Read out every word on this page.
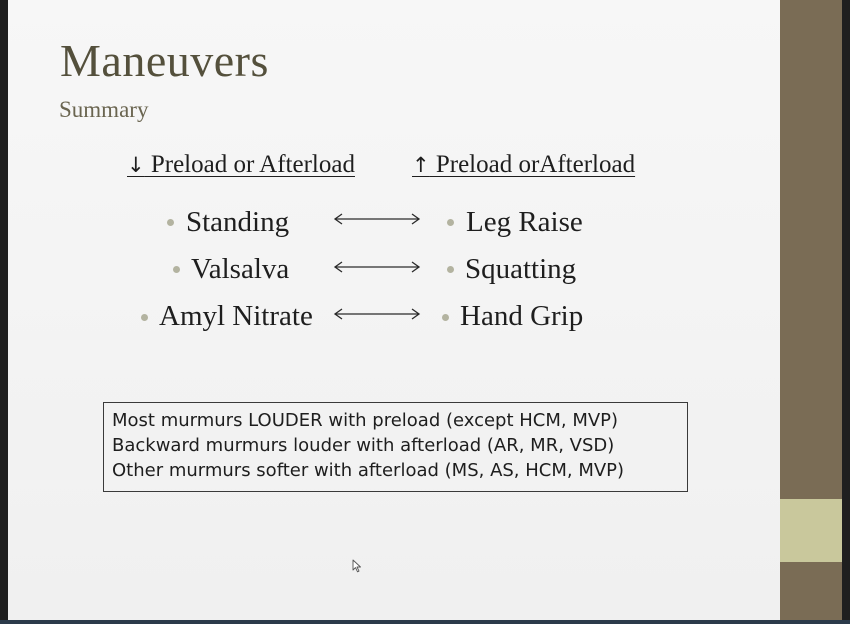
Maneuvers
Summary
↓ Preload or Afterload	↑ Preload orAfterload
Standing	Leg Raise
Valsalva	Squatting
Amyl Nitrate	Hand Grip
Most murmurs LOUDER with preload (except HCM, MVP)
Backward murmurs louder with afterload (AR, MR, VSD)
Other murmurs softer with afterload (MS, AS, HCM, MVP)
